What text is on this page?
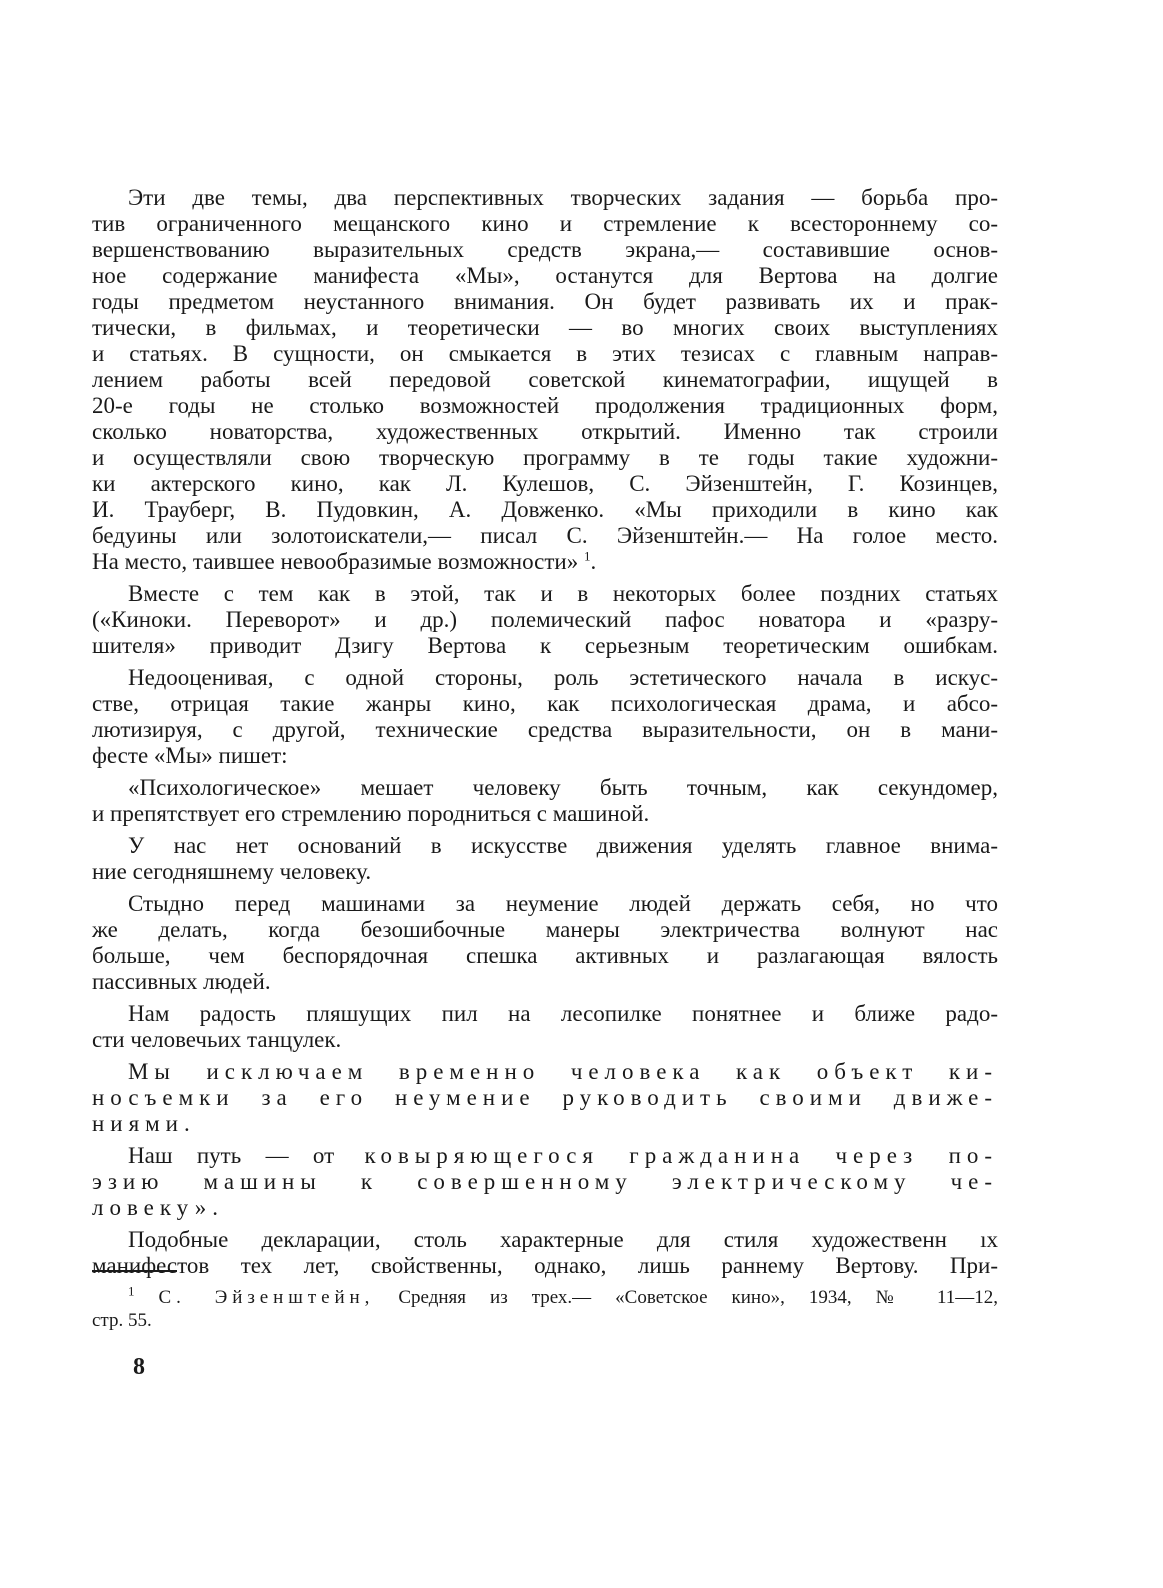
Эти две темы, два перспективных творческих задания — борьба про-
тив ограниченного мещанского кино и стремление к всестороннему со-
вершенствованию выразительных средств экрана,— составившие основ-
ное содержание манифеста «Мы», останутся для Вертова на долгие
годы предметом неустанного внимания. Он будет развивать их и прак-
тически, в фильмах, и теоретически — во многих своих выступлениях
и статьях. В сущности, он смыкается в этих тезисах с главным направ-
лением работы всей передовой советской кинематографии, ищущей в
20-е годы не столько возможностей продолжения традиционных форм,
сколько новаторства, художественных открытий. Именно так строили
и осуществляли свою творческую программу в те годы такие художни-
ки актерского кино, как Л. Кулешов, С. Эйзенштейн, Г. Козинцев,
И. Трауберг, В. Пудовкин, А. Довженко. «Мы приходили в кино как
бедуины или золотоискатели,— писал С. Эйзенштейн.— На голое место.
На место, таившее невообразимые возможности» $^1$.

Вместе с тем как в этой, так и в некоторых более поздних статьях
(«Киноки. Переворот» и др.) полемический пафос новатора и «разру-
шителя» приводит Дзигу Вертова к серьезным теоретическим ошибкам.

Недооценивая, с одной стороны, роль эстетического начала в искус-
стве, отрицая такие жанры кино, как психологическая драма, и абсо-
лютизируя, с другой, технические средства выразительности, он в мани-
фесте «Мы» пишет:

«Психологическое» мешает человеку быть точным, как секундомер,
и препятствует его стремлению породниться с машиной.

У нас нет оснований в искусстве движения уделять главное внима-
ние сегодняшнему человеку.

Стыдно перед машинами за неумение людей держать себя, но что
же делать, когда безошибочные манеры электричества волнуют нас
больше, чем беспорядочная спешка активных и разлагающая вялость
пассивных людей.

Нам радость пляшущих пил на лесопилке понятнее и ближе радо-
сти человечьих танцулек.

Мы исключаем временно человека как объект ки-
носъемки за его неумение руководить своими движе-
ниями.

Наш путь — от ковыряющегося гражданина через по-
эзию машины к совершенному электрическому че-
ловеку».

Подобные декларации, столь характерные для стиля художественн ıх
манифестов тех лет, свойственны, однако, лишь раннему Вертову. При-

$^1$ С. Эйзенштейн, Средняя из трех.— «Советское кино», 1934, № 11—12,
стр. 55.
8
